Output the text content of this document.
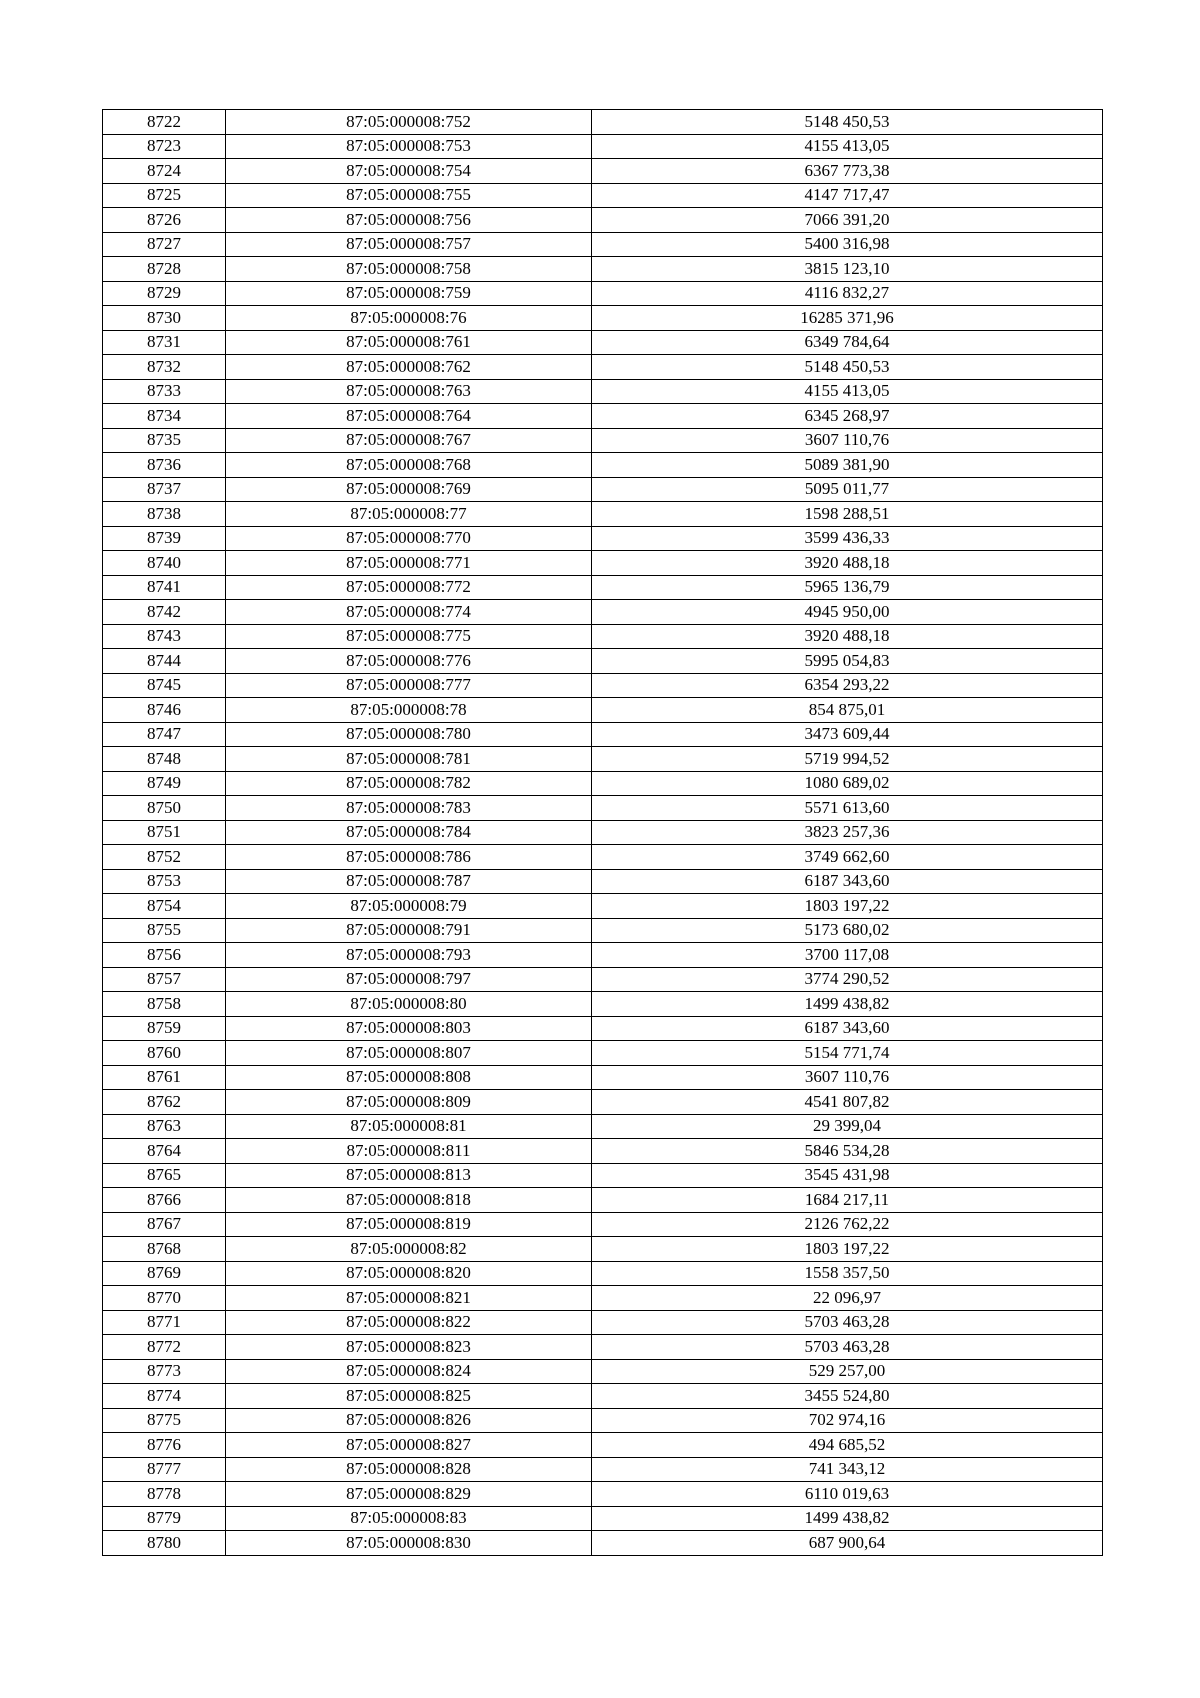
8722	87:05:000008:752	5148 450,53
8723	87:05:000008:753	4155 413,05
8724	87:05:000008:754	6367 773,38
8725	87:05:000008:755	4147 717,47
8726	87:05:000008:756	7066 391,20
8727	87:05:000008:757	5400 316,98
8728	87:05:000008:758	3815 123,10
8729	87:05:000008:759	4116 832,27
8730	87:05:000008:76	16285 371,96
8731	87:05:000008:761	6349 784,64
8732	87:05:000008:762	5148 450,53
8733	87:05:000008:763	4155 413,05
8734	87:05:000008:764	6345 268,97
8735	87:05:000008:767	3607 110,76
8736	87:05:000008:768	5089 381,90
8737	87:05:000008:769	5095 011,77
8738	87:05:000008:77	1598 288,51
8739	87:05:000008:770	3599 436,33
8740	87:05:000008:771	3920 488,18
8741	87:05:000008:772	5965 136,79
8742	87:05:000008:774	4945 950,00
8743	87:05:000008:775	3920 488,18
8744	87:05:000008:776	5995 054,83
8745	87:05:000008:777	6354 293,22
8746	87:05:000008:78	854 875,01
8747	87:05:000008:780	3473 609,44
8748	87:05:000008:781	5719 994,52
8749	87:05:000008:782	1080 689,02
8750	87:05:000008:783	5571 613,60
8751	87:05:000008:784	3823 257,36
8752	87:05:000008:786	3749 662,60
8753	87:05:000008:787	6187 343,60
8754	87:05:000008:79	1803 197,22
8755	87:05:000008:791	5173 680,02
8756	87:05:000008:793	3700 117,08
8757	87:05:000008:797	3774 290,52
8758	87:05:000008:80	1499 438,82
8759	87:05:000008:803	6187 343,60
8760	87:05:000008:807	5154 771,74
8761	87:05:000008:808	3607 110,76
8762	87:05:000008:809	4541 807,82
8763	87:05:000008:81	29 399,04
8764	87:05:000008:811	5846 534,28
8765	87:05:000008:813	3545 431,98
8766	87:05:000008:818	1684 217,11
8767	87:05:000008:819	2126 762,22
8768	87:05:000008:82	1803 197,22
8769	87:05:000008:820	1558 357,50
8770	87:05:000008:821	22 096,97
8771	87:05:000008:822	5703 463,28
8772	87:05:000008:823	5703 463,28
8773	87:05:000008:824	529 257,00
8774	87:05:000008:825	3455 524,80
8775	87:05:000008:826	702 974,16
8776	87:05:000008:827	494 685,52
8777	87:05:000008:828	741 343,12
8778	87:05:000008:829	6110 019,63
8779	87:05:000008:83	1499 438,82
8780	87:05:000008:830	687 900,64
